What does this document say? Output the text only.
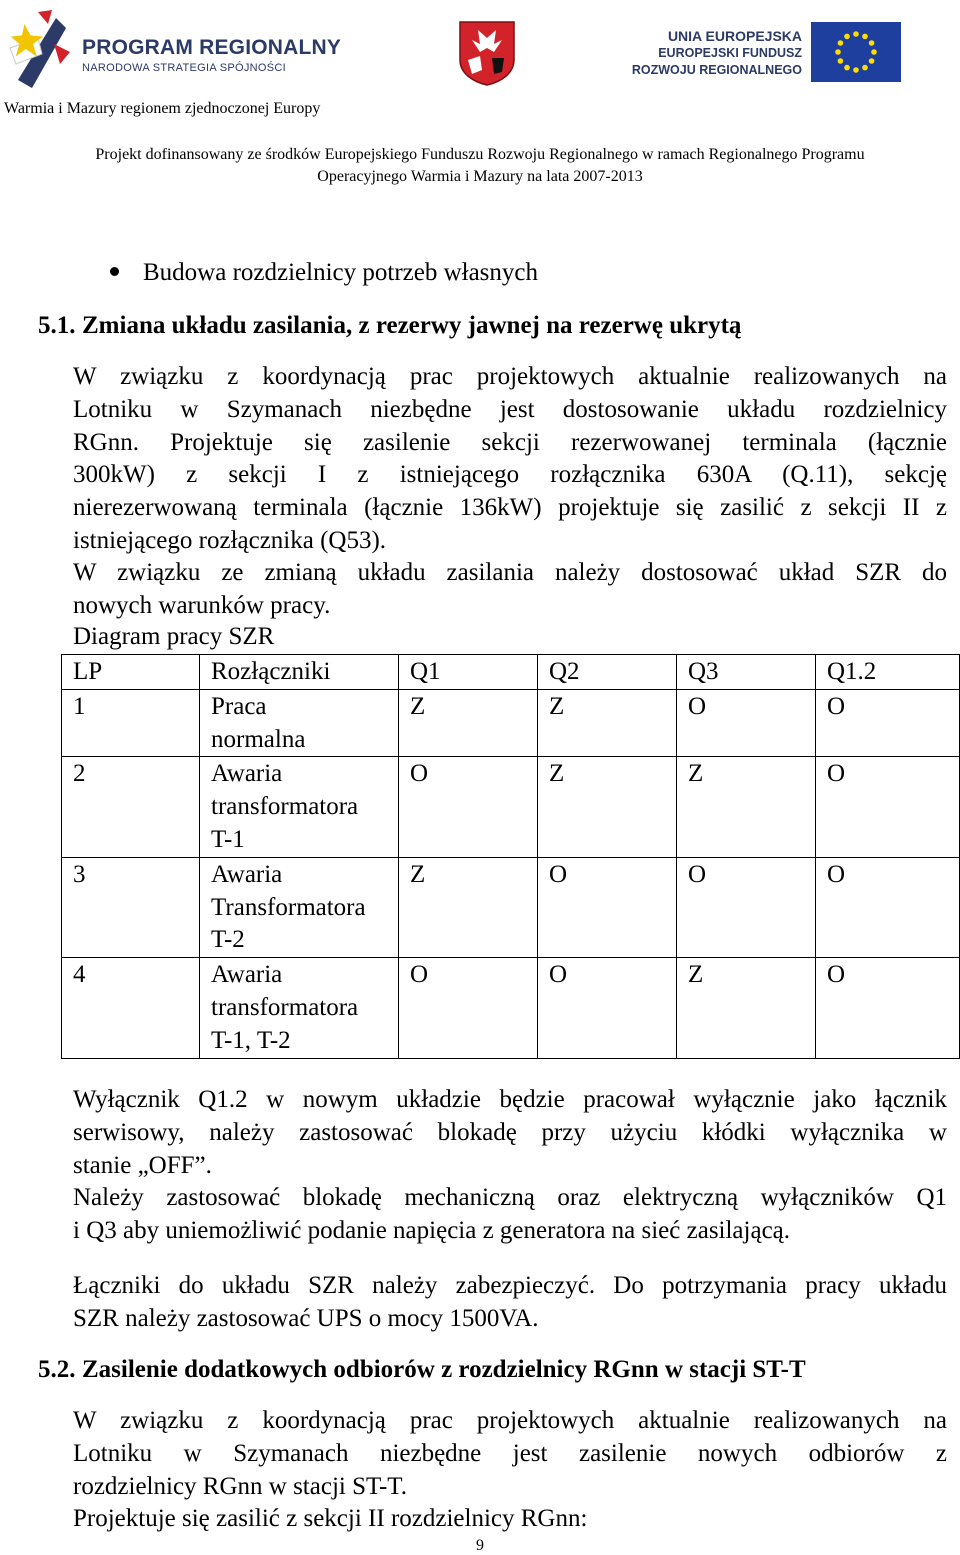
PROGRAM REGIONALNY
NARODOWA STRATEGIA SPÓJNOŚCI
UNIA EUROPEJSKA
EUROPEJSKI FUNDUSZ
ROZWOJU REGIONALNEGO
Warmia i Mazury regionem zjednoczonej Europy
Projekt dofinansowany ze środków Europejskiego Funduszu Rozwoju Regionalnego w ramach Regionalnego Programu
Operacyjnego Warmia i Mazury na lata 2007-2013
Budowa rozdzielnicy potrzeb własnych
5.1. Zmiana układu zasilania, z rezerwy jawnej na rezerwę ukrytą
W związku z koordynacją prac projektowych aktualnie realizowanych na
Lotniku w Szymanach niezbędne jest dostosowanie układu rozdzielnicy
RGnn. Projektuje się zasilenie sekcji rezerwowanej terminala (łącznie
300kW) z sekcji I z istniejącego rozłącznika 630A (Q.11), sekcję
nierezerwowaną terminala (łącznie 136kW) projektuje się zasilić z sekcji II z
istniejącego rozłącznika (Q53).
W związku ze zmianą układu zasilania należy dostosować układ SZR do
nowych warunków pracy.
Diagram pracy SZR
LP	Rozłączniki	Q1	Q2	Q3	Q1.2
1	Praca
normalna	Z	Z	O	O
2	Awaria
transformatora
T-1	O	Z	Z	O
3	Awaria
Transformatora
T-2	Z	O	O	O
4	Awaria
transformatora
T-1, T-2	O	O	Z	O
Wyłącznik Q1.2 w nowym układzie będzie pracował wyłącznie jako łącznik
serwisowy, należy zastosować blokadę przy użyciu kłódki wyłącznika w
stanie „OFF”.
Należy zastosować blokadę mechaniczną oraz elektryczną wyłączników Q1
i Q3 aby uniemożliwić podanie napięcia z generatora na sieć zasilającą.
Łączniki do układu SZR należy zabezpieczyć. Do potrzymania pracy układu
SZR należy zastosować UPS o mocy 1500VA.
5.2. Zasilenie dodatkowych odbiorów z rozdzielnicy RGnn w stacji ST-T
W związku z koordynacją prac projektowych aktualnie realizowanych na
Lotniku w Szymanach niezbędne jest zasilenie nowych odbiorów z
rozdzielnicy RGnn w stacji ST-T.
Projektuje się zasilić z sekcji II rozdzielnicy RGnn:
9
